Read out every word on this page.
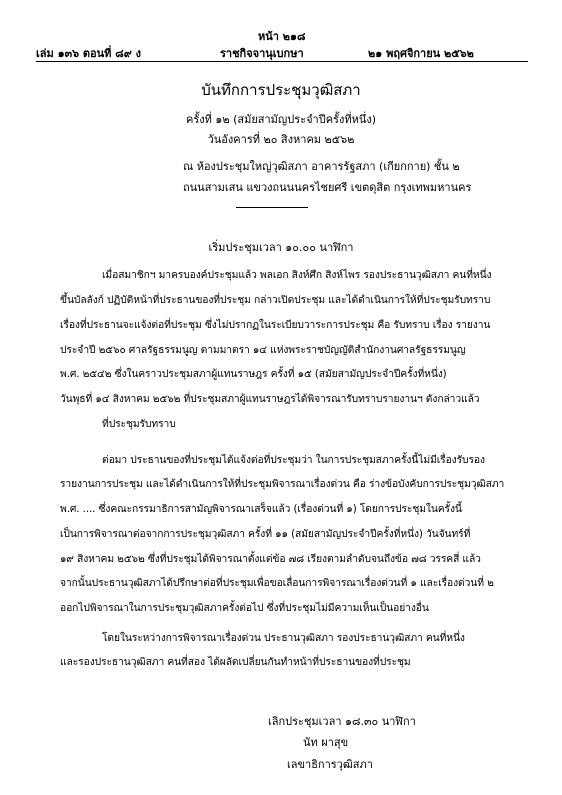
หน้า ๒๑๘
เล่ม ๑๓๖ ตอนที่ ๘๙ ง	ราชกิจจานุเบกษา	๒๑ พฤศจิกายน ๒๕๖๒
บันทึกการประชุมวุฒิสภา
ครั้งที่ ๑๒ (สมัยสามัญประจำปีครั้งที่หนึ่ง)
วันอังคารที่ ๒๐ สิงหาคม ๒๕๖๒
ณ ห้องประชุมใหญ่วุฒิสภา อาคารรัฐสภา (เกียกกาย) ชั้น ๒
ถนนสามเสน แขวงถนนนครไชยศรี เขตดุสิต กรุงเทพมหานคร
เริ่มประชุมเวลา ๑๐.๐๐ นาฬิกา
เมื่อสมาชิกฯ มาครบองค์ประชุมแล้ว พลเอก สิงห์ศึก สิงห์ไพร รองประธานวุฒิสภา คนที่หนึ่ง
ขึ้นบัลลังก์ ปฏิบัติหน้าที่ประธานของที่ประชุม กล่าวเปิดประชุม และได้ดำเนินการให้ที่ประชุมรับทราบ
เรื่องที่ประธานจะแจ้งต่อที่ประชุม ซึ่งไม่ปรากฏในระเบียบวาระการประชุม คือ รับทราบ เรื่อง รายงาน
ประจำปี ๒๕๖๐ ศาลรัฐธรรมนูญ ตามมาตรา ๑๔ แห่งพระราชบัญญัติสำนักงานศาลรัฐธรรมนูญ
พ.ศ. ๒๕๔๒ ซึ่งในคราวประชุมสภาผู้แทนราษฎร ครั้งที่ ๑๕ (สมัยสามัญประจำปีครั้งที่หนึ่ง)
วันพุธที่ ๑๔ สิงหาคม ๒๕๖๒ ที่ประชุมสภาผู้แทนราษฎรได้พิจารณารับทราบรายงานฯ ดังกล่าวแล้ว
ที่ประชุมรับทราบ
ต่อมา ประธานของที่ประชุมได้แจ้งต่อที่ประชุมว่า ในการประชุมสภาครั้งนี้ไม่มีเรื่องรับรอง
รายงานการประชุม และได้ดำเนินการให้ที่ประชุมพิจารณาเรื่องด่วน คือ ร่างข้อบังคับการประชุมวุฒิสภา
พ.ศ. .... ซึ่งคณะกรรมาธิการสามัญพิจารณาเสร็จแล้ว (เรื่องด่วนที่ ๑) โดยการประชุมในครั้งนี้
เป็นการพิจารณาต่อจากการประชุมวุฒิสภา ครั้งที่ ๑๑ (สมัยสามัญประจำปีครั้งที่หนึ่ง) วันจันทร์ที่
๑๙ สิงหาคม ๒๕๖๒ ซึ่งที่ประชุมได้พิจารณาตั้งแต่ข้อ ๗๘ เรียงตามลำดับจนถึงข้อ ๗๘ วรรคสี่ แล้ว
จากนั้นประธานวุฒิสภาได้ปรึกษาต่อที่ประชุมเพื่อขอเลื่อนการพิจารณาเรื่องด่วนที่ ๑ และเรื่องด่วนที่ ๒
ออกไปพิจารณาในการประชุมวุฒิสภาครั้งต่อไป ซึ่งที่ประชุมไม่มีความเห็นเป็นอย่างอื่น
โดยในระหว่างการพิจารณาเรื่องด่วน ประธานวุฒิสภา รองประธานวุฒิสภา คนที่หนึ่ง
และรองประธานวุฒิสภา คนที่สอง ได้ผลัดเปลี่ยนกันทำหน้าที่ประธานของที่ประชุม
เลิกประชุมเวลา ๑๘.๓๐ นาฬิกา
นัท ผาสุข
เลขาธิการวุฒิสภา
